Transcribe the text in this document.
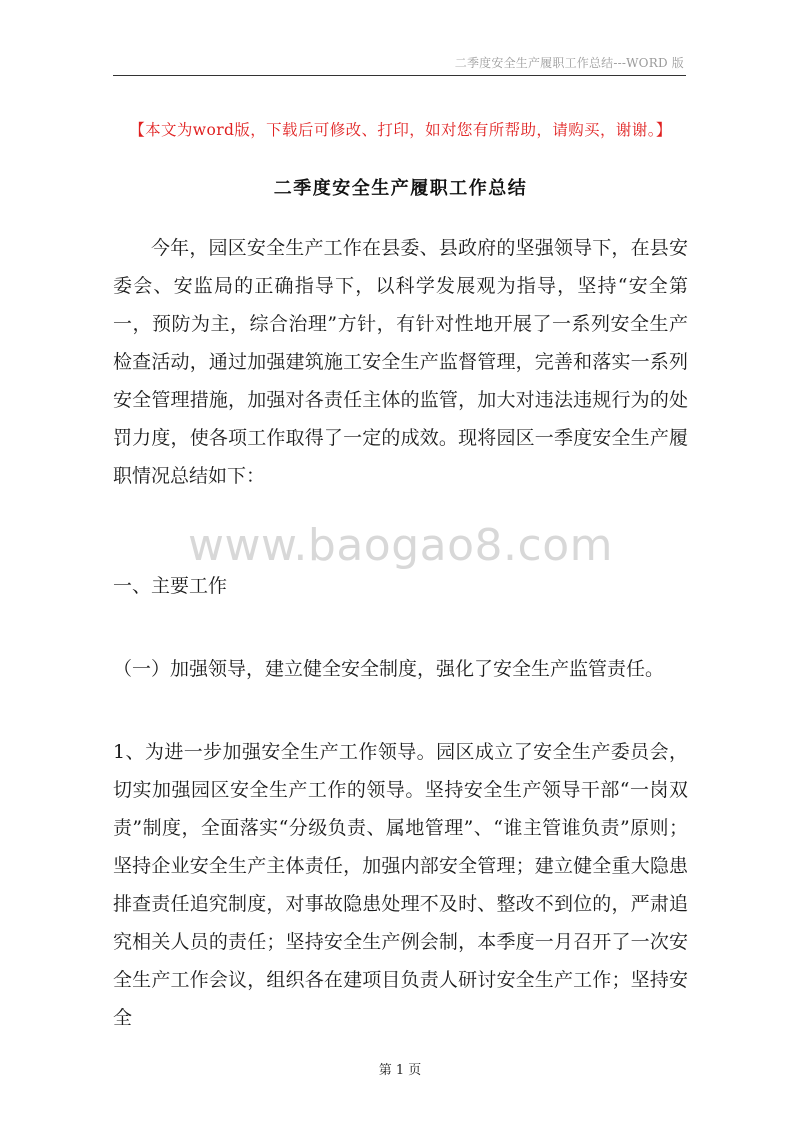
二季度安全生产履职工作总结---WORD 版
【本文为word版，下载后可修改、打印，如对您有所帮助，请购买，谢谢。】
二季度安全生产履职工作总结
今年，园区安全生产工作在县委、县政府的坚强领导下，在县安委会、安监局的正确指导下，以科学发展观为指导，坚持“安全第一，预防为主，综合治理”方针，有针对性地开展了一系列安全生产检查活动，通过加强建筑施工安全生产监督管理，完善和落实一系列安全管理措施，加强对各责任主体的监管，加大对违法违规行为的处罚力度，使各项工作取得了一定的成效。现将园区一季度安全生产履职情况总结如下：
www.baogao8.com
一、主要工作
（一）加强领导，建立健全安全制度，强化了安全生产监管责任。
1、为进一步加强安全生产工作领导。园区成立了安全生产委员会，切实加强园区安全生产工作的领导。坚持安全生产领导干部“一岗双责”制度，全面落实“分级负责、属地管理”、“谁主管谁负责”原则；坚持企业安全生产主体责任，加强内部安全管理；建立健全重大隐患排查责任追究制度，对事故隐患处理不及时、整改不到位的，严肃追究相关人员的责任；坚持安全生产例会制，本季度一月召开了一次安全生产工作会议，组织各在建项目负责人研讨安全生产工作；坚持安全
第 1 页
